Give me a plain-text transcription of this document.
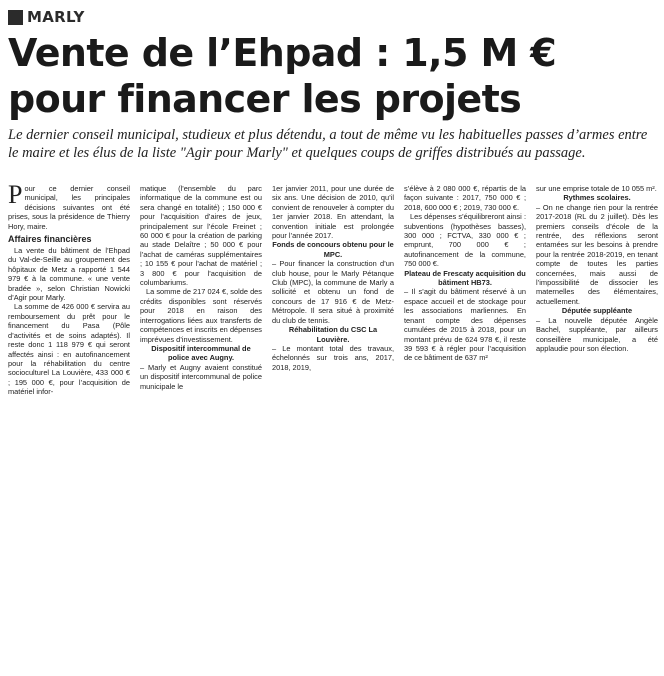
MARLY
Vente de l’Ehpad : 1,5 M €
pour financer les projets

Le dernier conseil municipal, studieux et plus détendu, a tout de même vu les habituelles passes d’armes entre le maire et les élus de la liste "Agir pour Marly" et quelques coups de griffes distribués au passage.

Pour ce dernier conseil municipal, les principales décisions suivantes ont été prises, sous la présidence de Thierry Hory, maire.

Affaires financières

La vente du bâtiment de l’Ehpad du Val-de-Seille au groupement des hôpitaux de Metz a rapporté 1 544 979 € à la commune. « une vente bradée », selon Christian Nowicki d’Agir pour Marly.

La somme de 426 000 € servira au remboursement du prêt pour le financement du Pasa (Pôle d’activités et de soins adaptés). Il reste donc 1 118 979 € qui seront affectés ainsi : en autofinancement pour la réhabilitation du centre socioculturel La Louvière, 433 000 € ; 195 000 €, pour l’acquisition de matériel infor-

matique (l’ensemble du parc informatique de la commune est ou sera changé en totalité) ; 150 000 € pour l’acquisition d’aires de jeux, principalement sur l’école Freinet ; 60 000 € pour la création de parking au stade Delaître ; 50 000 € pour l’achat de caméras supplémentaires ; 10 155 € pour l’achat de matériel ; 3 800 € pour l’acquisition de columbariums.

La somme de 217 024 €, solde des crédits disponibles sont réservés pour 2018 en raison des interrogations liées aux transferts de compétences et inscrits en dépenses imprévues d’investissement.

Dispositif intercommunal de police avec Augny.

– Marly et Augny avaient constitué un dispositif intercommunal de police municipale le

1er janvier 2011, pour une durée de six ans. Une décision de 2010, qu’il convient de renouveler à compter du 1er janvier 2018. En attendant, la convention initiale est prolongée pour l’année 2017.

Fonds de concours obtenu pour le MPC.

– Pour financer la construction d’un club house, pour le Marly Pétanque Club (MPC), la commune de Marly a sollicité et obtenu un fond de concours de 17 916 € de Metz-Métropole. Il sera situé à proximité du club de tennis.

Réhabilitation du CSC La Louvière.

– Le montant total des travaux, échelonnés sur trois ans, 2017, 2018, 2019,

s’élève à 2 080 000 €, répartis de la façon suivante : 2017, 750 000 € ; 2018, 600 000 € ; 2019, 730 000 €.

Les dépenses s’équilibreront ainsi : subventions (hypothèses basses), 300 000 ; FCTVA, 330 000 € ; emprunt, 700 000 € ; autofinancement de la commune, 750 000 €.

Plateau de Frescaty acquisition du bâtiment HB73.

– Il s’agit du bâtiment réservé à un espace accueil et de stockage pour les associations marliennes. En tenant compte des dépenses cumulées de 2015 à 2018, pour un montant prévu de 624 978 €, il reste 39 593 € à régler pour l’acquisition de ce bâtiment de 637 m²

sur une emprise totale de 10 055 m².

Rythmes scolaires.

– On ne change rien pour la rentrée 2017-2018 (RL du 2 juillet). Dès les premiers conseils d’école de la rentrée, des réflexions seront entamées sur les besoins à prendre pour la rentrée 2018-2019, en tenant compte de toutes les parties concernées, mais aussi de l’impossibilité de dissocier les maternelles des élémentaires, actuellement.

Députée suppléante

– La nouvelle députée Angèle Bachel, suppléante, par ailleurs conseillère municipale, a été applaudie pour son élection.
